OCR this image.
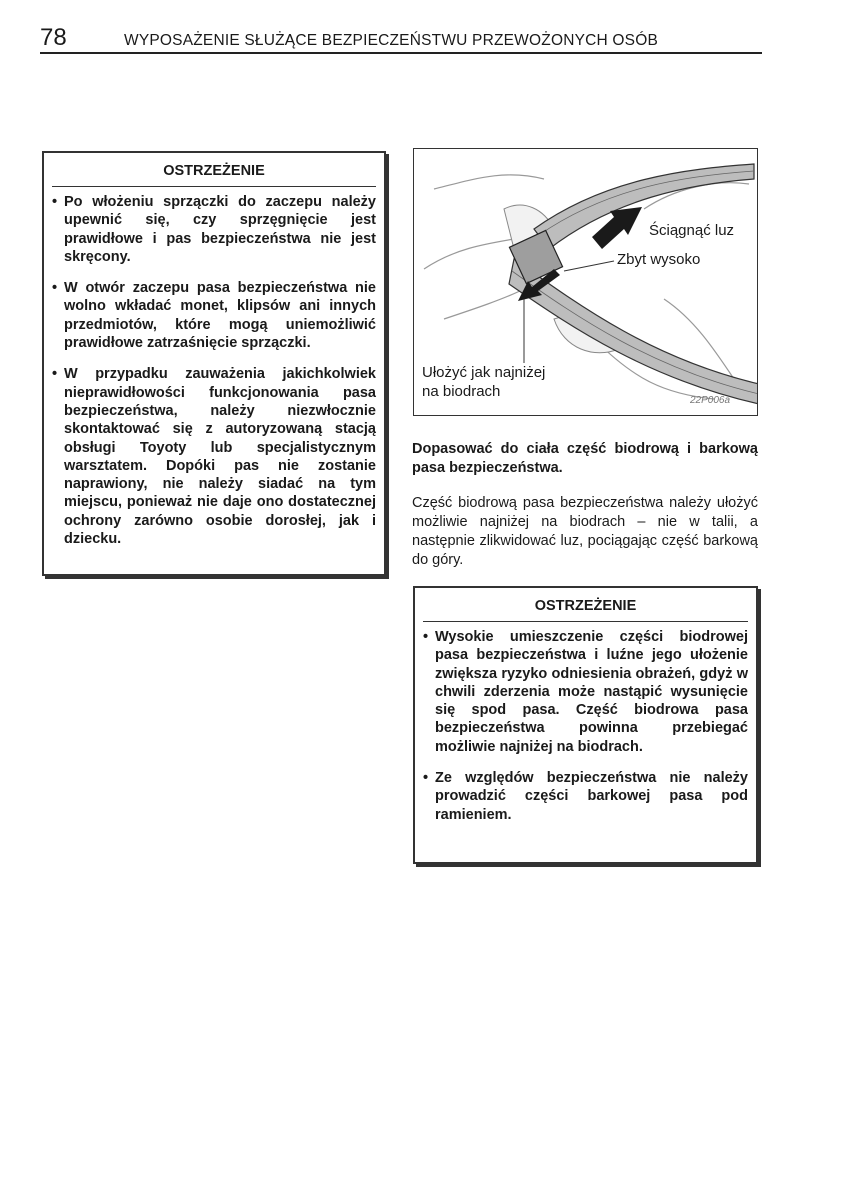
78	WYPOSAŻENIE SŁUŻĄCE BEZPIECZEŃSTWU PRZEWOŻONYCH OSÓB
OSTRZEŻENIE
• Po włożeniu sprzączki do zaczepu należy upewnić się, czy sprzęgnięcie jest prawidłowe i pas bezpieczeństwa nie jest skręcony.
• W otwór zaczepu pasa bezpieczeństwa nie wolno wkładać monet, klipsów ani innych przedmiotów, które mogą uniemożliwić prawidłowe zatrzaśnięcie sprzączki.
• W przypadku zauważenia jakichkolwiek nieprawidłowości funkcjonowania pasa bezpieczeństwa, należy niezwłocznie skontaktować się z autoryzowaną stacją obsługi Toyoty lub specjalistycznym warsztatem. Dopóki pas nie zostanie naprawiony, nie należy siadać na tym miejscu, ponieważ nie daje ono dostatecznej ochrony zarówno osobie dorosłej, jak i dziecku.
Ściągnąć luz
Zbyt wysoko
Ułożyć jak najniżej
na biodrach
22P006a
Dopasować do ciała część biodrową i barkową pasa bezpieczeństwa.
Część biodrową pasa bezpieczeństwa należy ułożyć możliwie najniżej na biodrach – nie w talii, a następnie zlikwidować luz, pociągając część barkową do góry.
OSTRZEŻENIE
• Wysokie umieszczenie części biodrowej pasa bezpieczeństwa i luźne jego ułożenie zwiększa ryzyko odniesienia obrażeń, gdyż w chwili zderzenia może nastąpić wysunięcie się spod pasa. Część biodrowa pasa bezpieczeństwa powinna przebiegać możliwie najniżej na biodrach.
• Ze względów bezpieczeństwa nie należy prowadzić części barkowej pasa pod ramieniem.
